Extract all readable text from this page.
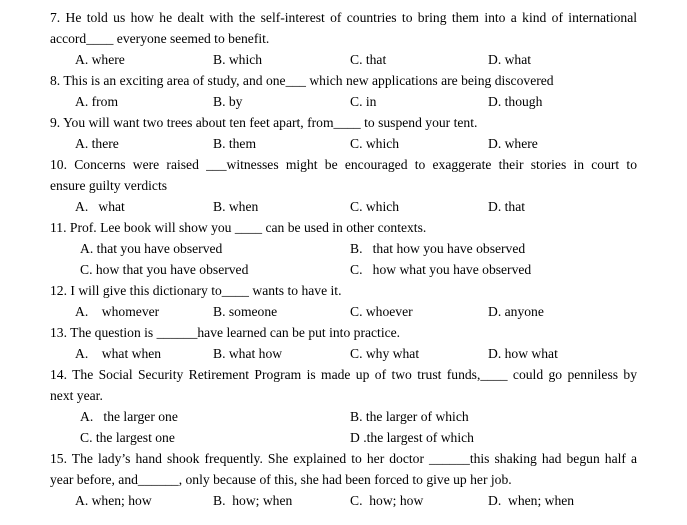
7. He told us how he dealt with the self-interest of countries to bring them into a kind of international
accord____ everyone seemed to benefit.
A. where	B. which	C. that	D. what
8. This is an exciting area of study, and one___ which new applications are being discovered
A. from	B. by	C. in	D. though
9. You will want two trees about ten feet apart, from____ to suspend your tent.
A. there	B. them	C. which	D. where
10. Concerns were raised ___witnesses might be encouraged to exaggerate their stories in court to
ensure guilty verdicts
A.   what	B. when	C. which	D. that
11. Prof. Lee book will show you ____ can be used in other contexts.
A. that you have observed	B.   that how you have observed
C. how that you have observed	C.   how what you have observed
12. I will give this dictionary to____ wants to have it.
A.    whomever	B. someone	C. whoever	D. anyone
13. The question is ______have learned can be put into practice.
A.    what when	B. what how	C. why what	D. how what
14. The Social Security Retirement Program is made up of two trust funds,____ could go penniless by
next year.
A.   the larger one	B. the larger of which
C. the largest one	D .the largest of which
15. The lady’s hand shook frequently. She explained to her doctor ______this shaking had begun half a
year before, and______, only because of this, she had been forced to give up her job.
A. when; how	B.  how; when	C.  how; how	D.  when; when
